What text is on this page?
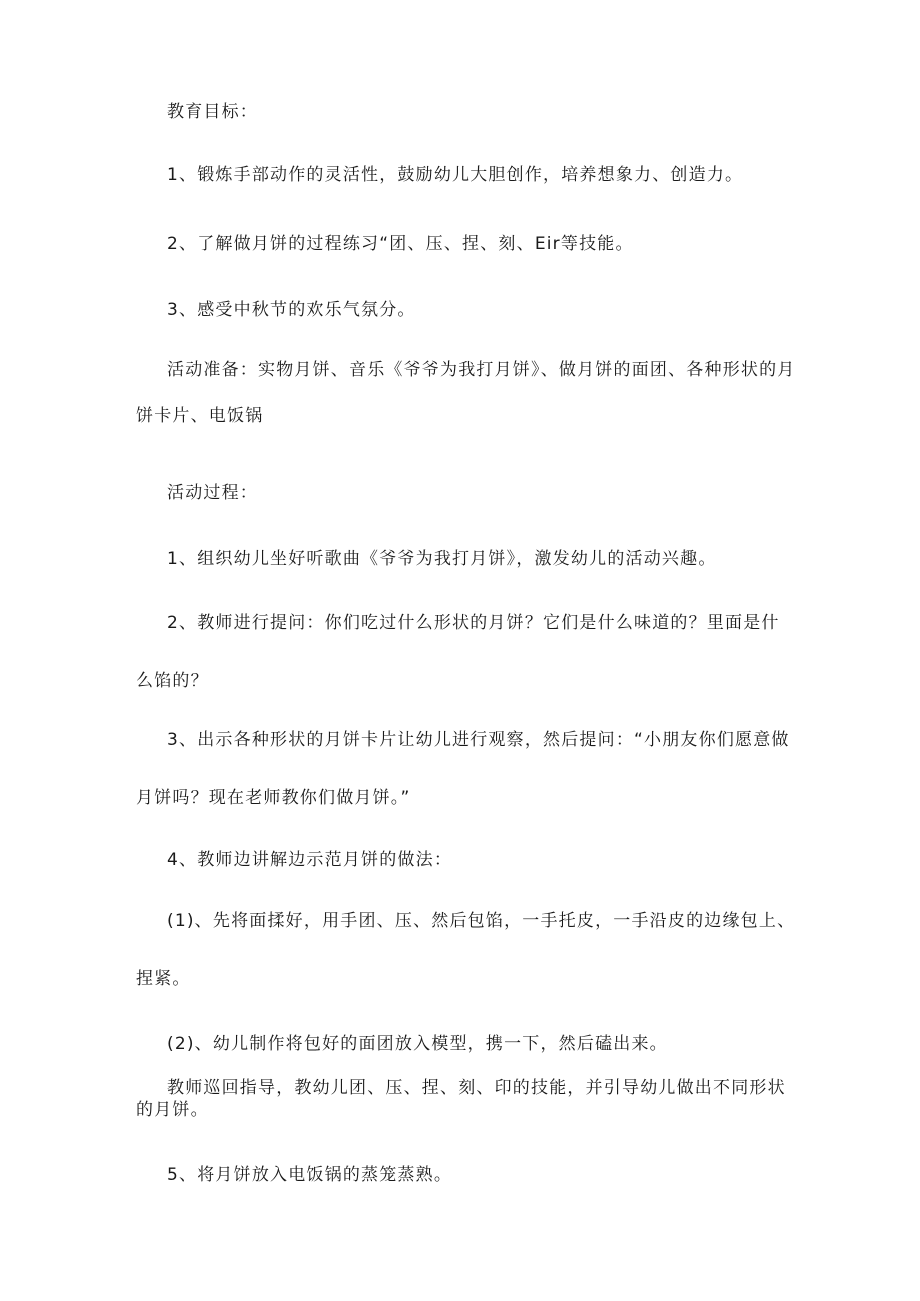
教育目标：

1、锻炼手部动作的灵活性，鼓励幼儿大胆创作，培养想象力、创造力。

2、了解做月饼的过程练习“团、压、捏、刻、Eir等技能。

3、感受中秋节的欢乐气氛分。

活动准备：实物月饼、音乐《爷爷为我打月饼》、做月饼的面团、各种形状的月饼卡片、电饭锅

活动过程：

1、组织幼儿坐好听歌曲《爷爷为我打月饼》，激发幼儿的活动兴趣。

2、教师进行提问：你们吃过什么形状的月饼？它们是什么味道的？里面是什么馅的？

3、出示各种形状的月饼卡片让幼儿进行观察，然后提问：“小朋友你们愿意做月饼吗？现在老师教你们做月饼。”

4、教师边讲解边示范月饼的做法：

(1)、先将面揉好，用手团、压、然后包馅，一手托皮，一手沿皮的边缘包上、捏紧。

(2)、幼儿制作将包好的面团放入模型，携一下，然后磕出来。

教师巡回指导，教幼儿团、压、捏、刻、印的技能，并引导幼儿做出不同形状的月饼。

5、将月饼放入电饭锅的蒸笼蒸熟。
